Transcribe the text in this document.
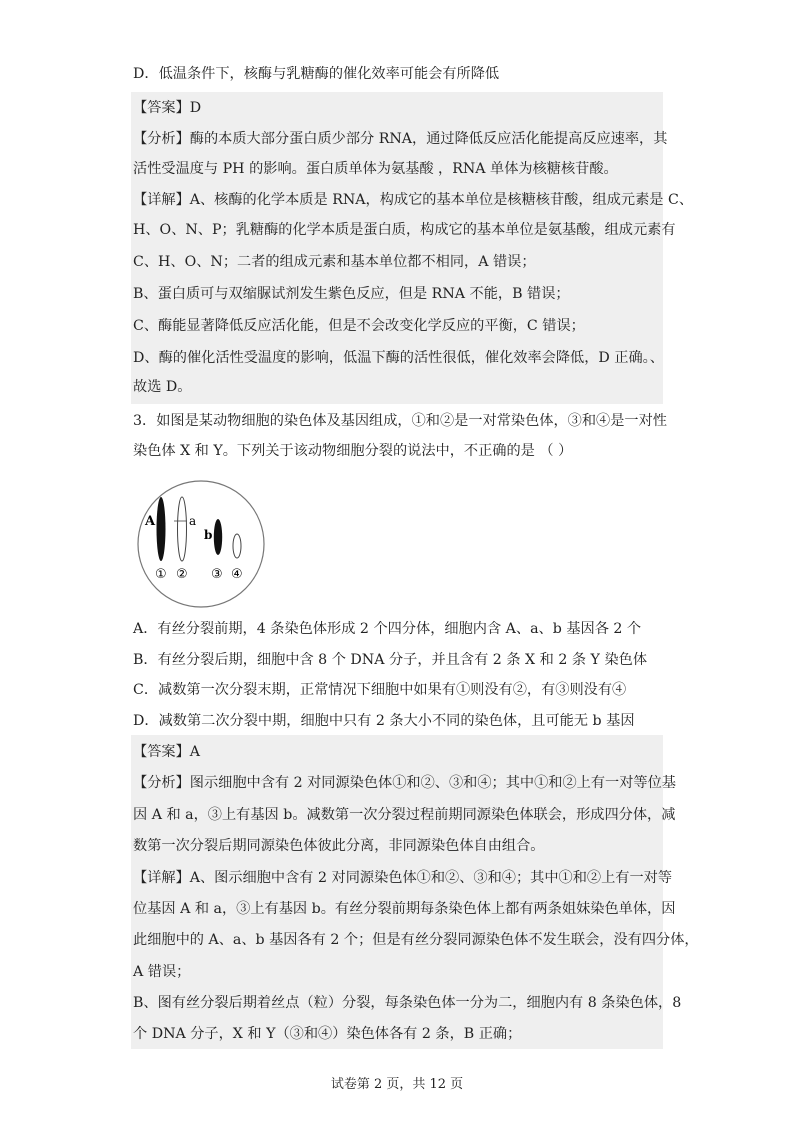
D．低温条件下，核酶与乳糖酶的催化效率可能会有所降低
【答案】D
【分析】酶的本质大部分蛋白质少部分 RNA，通过降低反应活化能提高反应速率，其
活性受温度与 PH 的影响。蛋白质单体为氨基酸 ，RNA 单体为核糖核苷酸。
【详解】A、核酶的化学本质是 RNA，构成它的基本单位是核糖核苷酸，组成元素是 C、
H、O、N、P；乳糖酶的化学本质是蛋白质，构成它的基本单位是氨基酸，组成元素有
C、H、O、N；二者的组成元素和基本单位都不相同，A 错误；
B、蛋白质可与双缩脲试剂发生紫色反应，但是 RNA 不能，B 错误；
C、酶能显著降低反应活化能，但是不会改变化学反应的平衡，C 错误；
D、酶的催化活性受温度的影响，低温下酶的活性很低，催化效率会降低，D 正确。、
故选 D。
3．如图是某动物细胞的染色体及基因组成，①和②是一对常染色体，③和④是一对性
染色体 X 和 Y。下列关于该动物细胞分裂的说法中，不正确的是 （ ）
A	a
b
① ② ③ ④
A．有丝分裂前期，4 条染色体形成 2 个四分体，细胞内含 A、a、b 基因各 2 个
B．有丝分裂后期，细胞中含 8 个 DNA 分子，并且含有 2 条 X 和 2 条 Y 染色体
C．减数第一次分裂末期，正常情况下细胞中如果有①则没有②，有③则没有④
D．减数第二次分裂中期，细胞中只有 2 条大小不同的染色体，且可能无 b 基因
【答案】A
【分析】图示细胞中含有 2 对同源染色体①和②、③和④；其中①和②上有一对等位基
因 A 和 a，③上有基因 b。减数第一次分裂过程前期同源染色体联会，形成四分体，减
数第一次分裂后期同源染色体彼此分离，非同源染色体自由组合。
【详解】A、图示细胞中含有 2 对同源染色体①和②、③和④；其中①和②上有一对等
位基因 A 和 a，③上有基因 b。有丝分裂前期每条染色体上都有两条姐妹染色单体，因
此细胞中的 A、a、b 基因各有 2 个；但是有丝分裂同源染色体不发生联会，没有四分体，
A 错误；
B、图有丝分裂后期着丝点（粒）分裂，每条染色体一分为二，细胞内有 8 条染色体，8
个 DNA 分子，X 和 Y（③和④）染色体各有 2 条，B 正确；
试卷第 2 页，共 12 页
